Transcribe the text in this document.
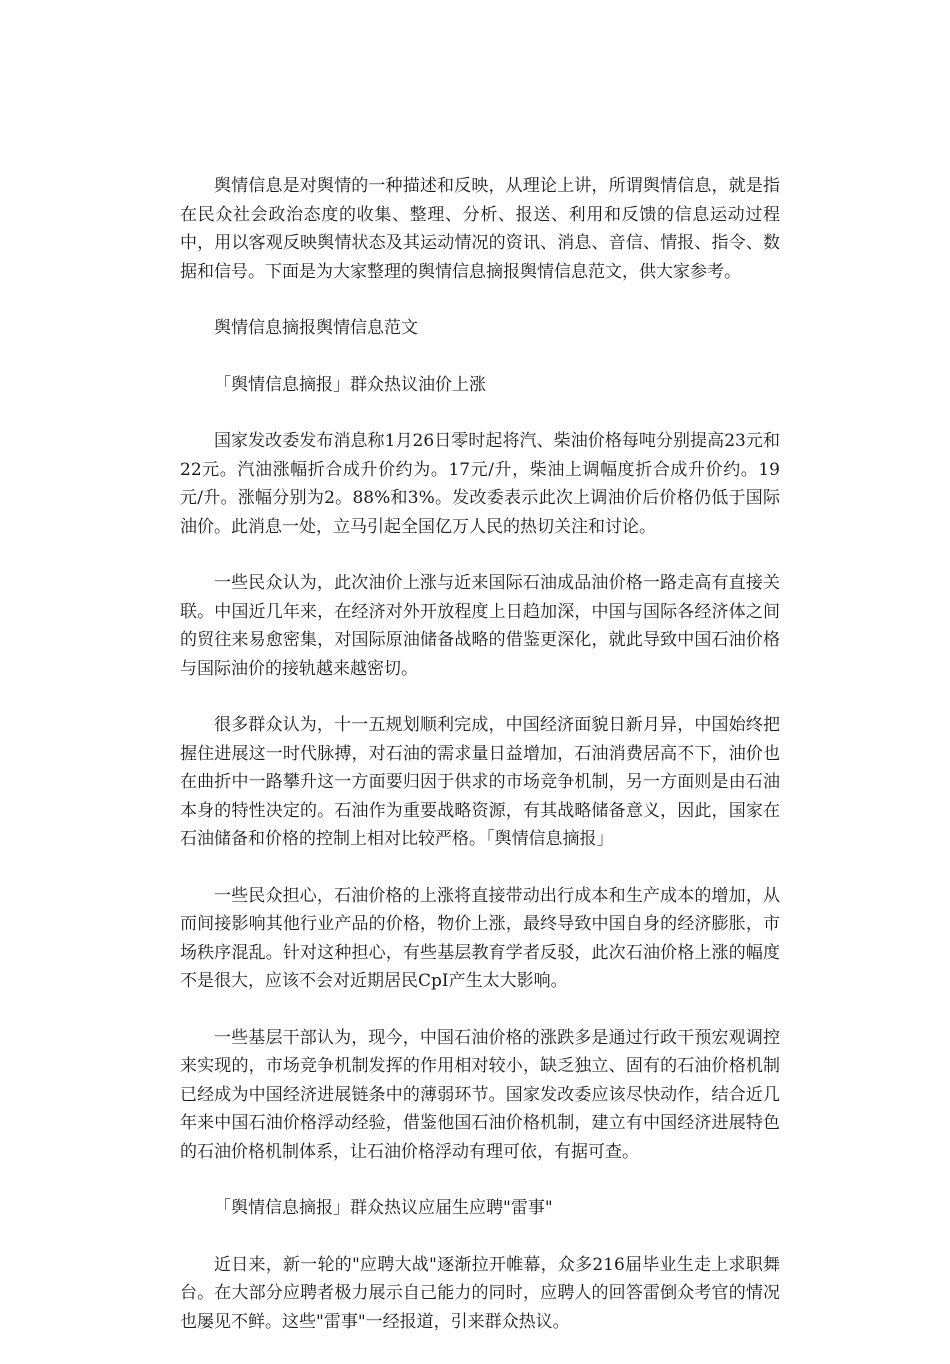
舆情信息是对舆情的一种描述和反映，从理论上讲，所谓舆情信息，就是指在民众社会政治态度的收集、整理、分析、报送、利用和反馈的信息运动过程中，用以客观反映舆情状态及其运动情况的资讯、消息、音信、情报、指令、数据和信号。下面是为大家整理的舆情信息摘报舆情信息范文，供大家参考。

舆情信息摘报舆情信息范文

「舆情信息摘报」群众热议油价上涨

国家发改委发布消息称1月26日零时起将汽、柴油价格每吨分别提高23元和22元。汽油涨幅折合成升价约为。17元/升，柴油上调幅度折合成升价约。19元/升。涨幅分别为2。88%和3%。发改委表示此次上调油价后价格仍低于国际油价。此消息一处，立马引起全国亿万人民的热切关注和讨论。

一些民众认为，此次油价上涨与近来国际石油成品油价格一路走高有直接关联。中国近几年来，在经济对外开放程度上日趋加深，中国与国际各经济体之间的贸往来易愈密集，对国际原油储备战略的借鉴更深化，就此导致中国石油价格与国际油价的接轨越来越密切。

很多群众认为，十一五规划顺利完成，中国经济面貌日新月异，中国始终把握住进展这一时代脉搏，对石油的需求量日益增加，石油消费居高不下，油价也在曲折中一路攀升这一方面要归因于供求的市场竞争机制，另一方面则是由石油本身的特性决定的。石油作为重要战略资源，有其战略储备意义，因此，国家在石油储备和价格的控制上相对比较严格。「舆情信息摘报」

一些民众担心，石油价格的上涨将直接带动出行成本和生产成本的增加，从而间接影响其他行业产品的价格，物价上涨，最终导致中国自身的经济膨胀，市场秩序混乱。针对这种担心，有些基层教育学者反驳，此次石油价格上涨的幅度不是很大，应该不会对近期居民CpI产生太大影响。

一些基层干部认为，现今，中国石油价格的涨跌多是通过行政干预宏观调控来实现的，市场竞争机制发挥的作用相对较小，缺乏独立、固有的石油价格机制已经成为中国经济进展链条中的薄弱环节。国家发改委应该尽快动作，结合近几年来中国石油价格浮动经验，借鉴他国石油价格机制，建立有中国经济进展特色的石油价格机制体系，让石油价格浮动有理可依，有据可查。

「舆情信息摘报」群众热议应届生应聘"雷事"

近日来，新一轮的"应聘大战"逐渐拉开帷幕，众多216届毕业生走上求职舞台。在大部分应聘者极力展示自己能力的同时，应聘人的回答雷倒众考官的情况也屡见不鲜。这些"雷事"一经报道，引来群众热议。
